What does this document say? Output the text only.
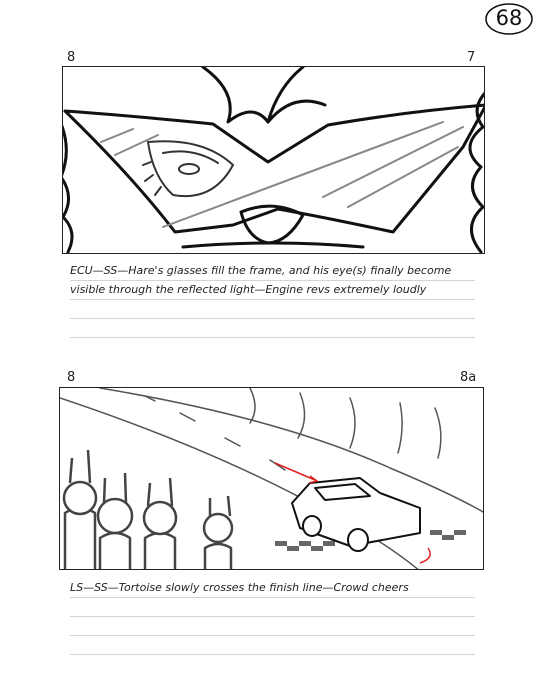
68
8	7
ECU—SS—Hare's glasses fill the frame, and his eye(s) finally become
visible through the reflected light—Engine revs extremely loudly
8	8a
LS—SS—Tortoise slowly crosses the finish line—Crowd cheers
